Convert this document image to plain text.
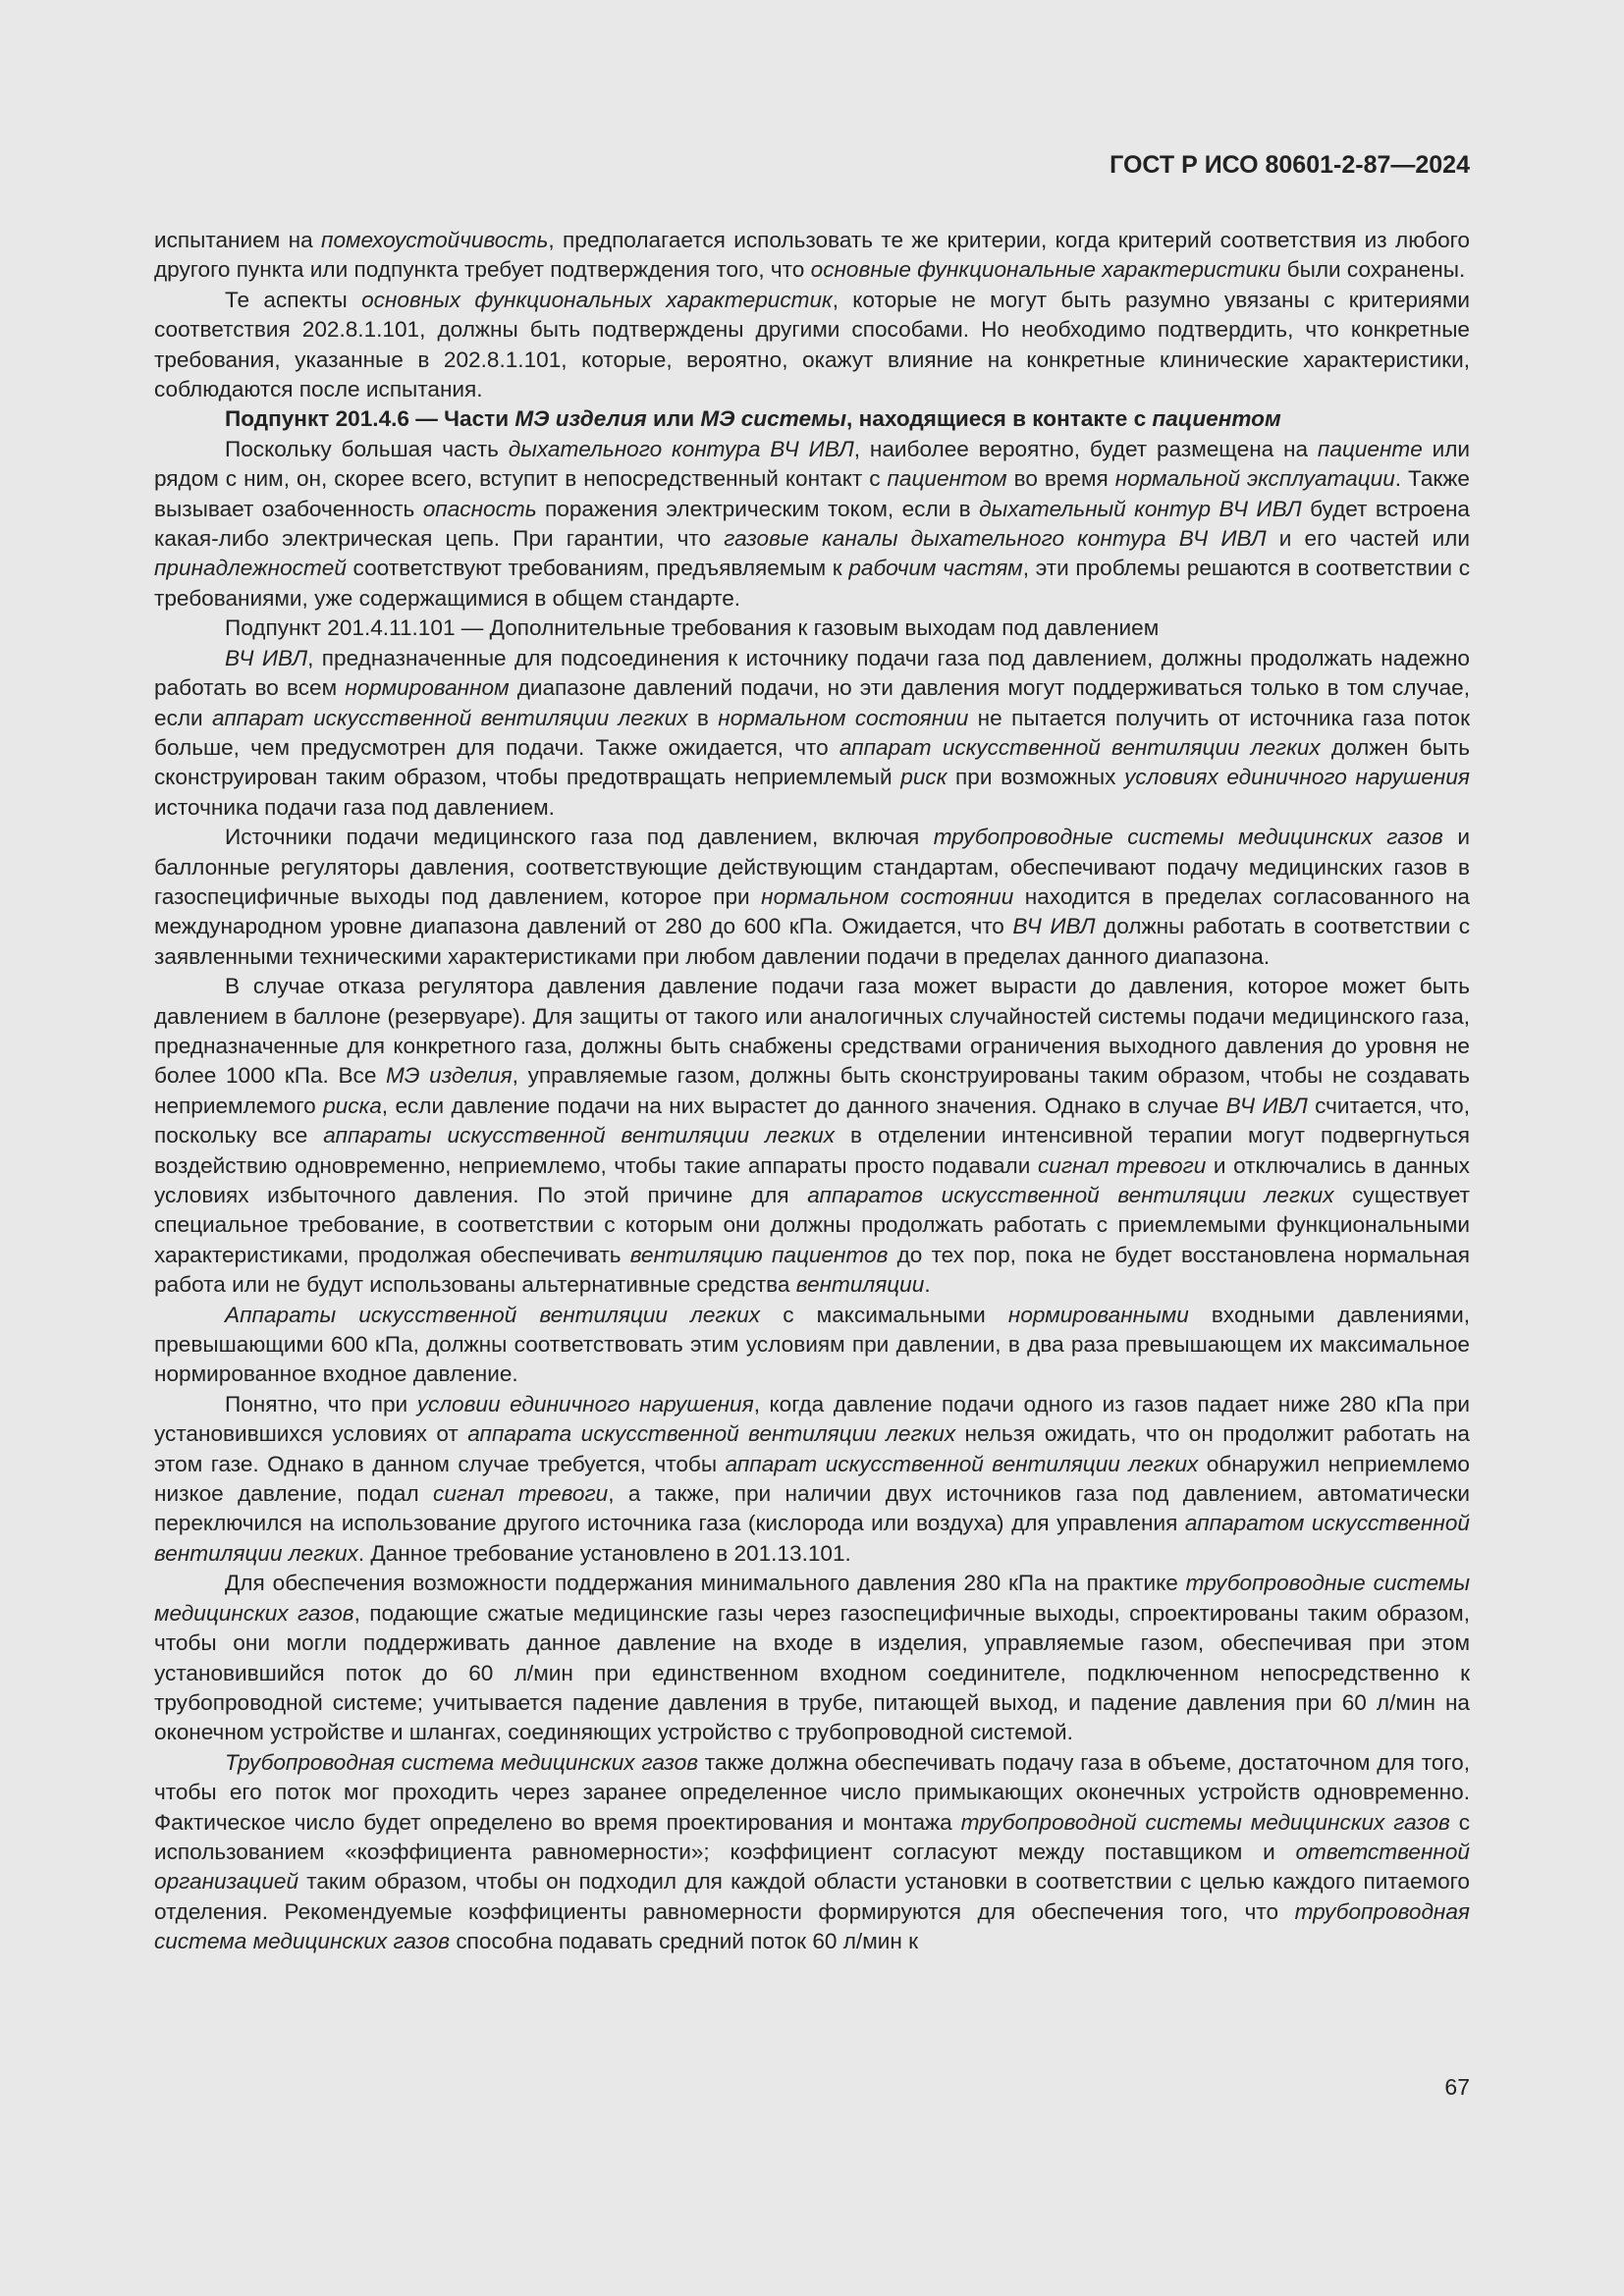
ГОСТ Р ИСО 80601-2-87—2024

испытанием на помехоустойчивость, предполагается использовать те же критерии, когда критерий соответствия из любого другого пункта или подпункта требует подтверждения того, что основные функциональные характеристики были сохранены.

Те аспекты основных функциональных характеристик, которые не могут быть разумно увязаны с критериями соответствия 202.8.1.101, должны быть подтверждены другими способами. Но необходимо подтвердить, что конкретные требования, указанные в 202.8.1.101, которые, вероятно, окажут влияние на конкретные клинические характеристики, соблюдаются после испытания.

Подпункт 201.4.6 — Части МЭ изделия или МЭ системы, находящиеся в контакте с пациентом

Поскольку большая часть дыхательного контура ВЧ ИВЛ, наиболее вероятно, будет размещена на пациенте или рядом с ним, он, скорее всего, вступит в непосредственный контакт с пациентом во время нормальной эксплуатации. Также вызывает озабоченность опасность поражения электрическим током, если в дыхательный контур ВЧ ИВЛ будет встроена какая-либо электрическая цепь. При гарантии, что газовые каналы дыхательного контура ВЧ ИВЛ и его частей или принадлежностей соответствуют требованиям, предъявляемым к рабочим частям, эти проблемы решаются в соответствии с требованиями, уже содержащимися в общем стандарте.

Подпункт 201.4.11.101 — Дополнительные требования к газовым выходам под давлением

ВЧ ИВЛ, предназначенные для подсоединения к источнику подачи газа под давлением, должны продолжать надежно работать во всем нормированном диапазоне давлений подачи, но эти давления могут поддерживаться только в том случае, если аппарат искусственной вентиляции легких в нормальном состоянии не пытается получить от источника газа поток больше, чем предусмотрен для подачи. Также ожидается, что аппарат искусственной вентиляции легких должен быть сконструирован таким образом, чтобы предотвращать неприемлемый риск при возможных условиях единичного нарушения источника подачи газа под давлением.

Источники подачи медицинского газа под давлением, включая трубопроводные системы медицинских газов и баллонные регуляторы давления, соответствующие действующим стандартам, обеспечивают подачу медицинских газов в газоспецифичные выходы под давлением, которое при нормальном состоянии находится в пределах согласованного на международном уровне диапазона давлений от 280 до 600 кПа. Ожидается, что ВЧ ИВЛ должны работать в соответствии с заявленными техническими характеристиками при любом давлении подачи в пределах данного диапазона.

В случае отказа регулятора давления давление подачи газа может вырасти до давления, которое может быть давлением в баллоне (резервуаре). Для защиты от такого или аналогичных случайностей системы подачи медицинского газа, предназначенные для конкретного газа, должны быть снабжены средствами ограничения выходного давления до уровня не более 1000 кПа. Все МЭ изделия, управляемые газом, должны быть сконструированы таким образом, чтобы не создавать неприемлемого риска, если давление подачи на них вырастет до данного значения. Однако в случае ВЧ ИВЛ считается, что, поскольку все аппараты искусственной вентиляции легких в отделении интенсивной терапии могут подвергнуться воздействию одновременно, неприемлемо, чтобы такие аппараты просто подавали сигнал тревоги и отключались в данных условиях избыточного давления. По этой причине для аппаратов искусственной вентиляции легких существует специальное требование, в соответствии с которым они должны продолжать работать с приемлемыми функциональными характеристиками, продолжая обеспечивать вентиляцию пациентов до тех пор, пока не будет восстановлена нормальная работа или не будут использованы альтернативные средства вентиляции.

Аппараты искусственной вентиляции легких с максимальными нормированными входными давлениями, превышающими 600 кПа, должны соответствовать этим условиям при давлении, в два раза превышающем их максимальное нормированное входное давление.

Понятно, что при условии единичного нарушения, когда давление подачи одного из газов падает ниже 280 кПа при установившихся условиях от аппарата искусственной вентиляции легких нельзя ожидать, что он продолжит работать на этом газе. Однако в данном случае требуется, чтобы аппарат искусственной вентиляции легких обнаружил неприемлемо низкое давление, подал сигнал тревоги, а также, при наличии двух источников газа под давлением, автоматически переключился на использование другого источника газа (кислорода или воздуха) для управления аппаратом искусственной вентиляции легких. Данное требование установлено в 201.13.101.

Для обеспечения возможности поддержания минимального давления 280 кПа на практике трубопроводные системы медицинских газов, подающие сжатые медицинские газы через газоспецифичные выходы, спроектированы таким образом, чтобы они могли поддерживать данное давление на входе в изделия, управляемые газом, обеспечивая при этом установившийся поток до 60 л/мин при единственном входном соединителе, подключенном непосредственно к трубопроводной системе; учитывается падение давления в трубе, питающей выход, и падение давления при 60 л/мин на оконечном устройстве и шлангах, соединяющих устройство с трубопроводной системой.

Трубопроводная система медицинских газов также должна обеспечивать подачу газа в объеме, достаточном для того, чтобы его поток мог проходить через заранее определенное число примыкающих оконечных устройств одновременно. Фактическое число будет определено во время проектирования и монтажа трубопроводной системы медицинских газов с использованием «коэффициента равномерности»; коэффициент согласуют между поставщиком и ответственной организацией таким образом, чтобы он подходил для каждой области установки в соответствии с целью каждого питаемого отделения. Рекомендуемые коэффициенты равномерности формируются для обеспечения того, что трубопроводная система медицинских газов способна подавать средний поток 60 л/мин к

67
